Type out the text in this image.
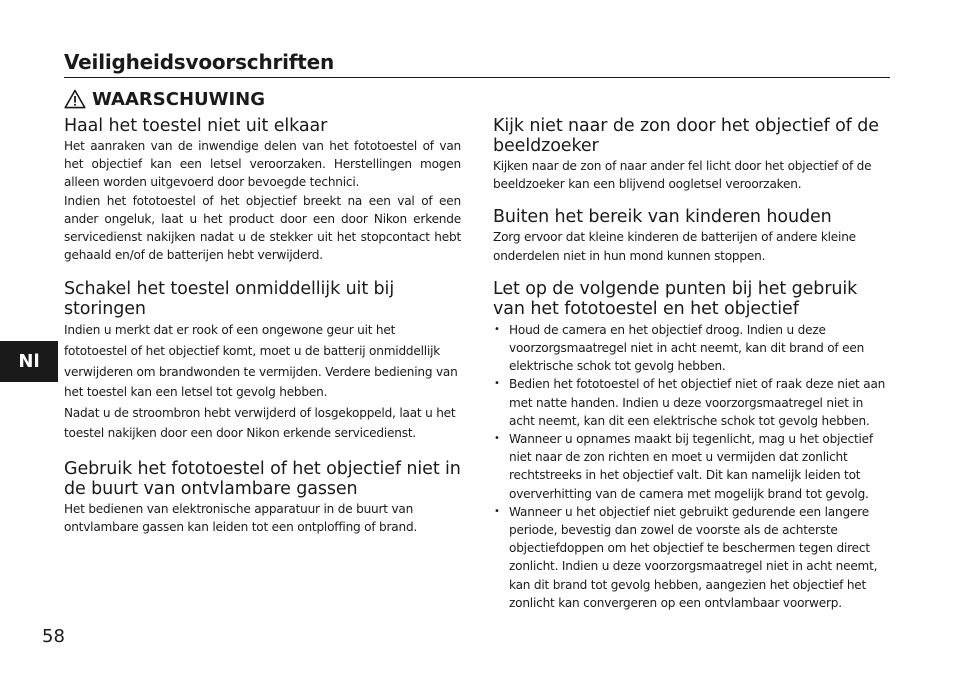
Veiligheidsvoorschriften
WAARSCHUWING
Haal het toestel niet uit elkaar

Het aanraken van de inwendige delen van het fototoestel of van het objectief kan een letsel veroorzaken. Herstellingen mogen alleen worden uitgevoerd door bevoegde technici.

Indien het fototoestel of het objectief breekt na een val of een ander ongeluk, laat u het product door een door Nikon erkende servicedienst nakijken nadat u de stekker uit het stopcontact hebt gehaald en/of de batterijen hebt verwijderd.

Schakel het toestel onmiddellijk uit bij storingen

Indien u merkt dat er rook of een ongewone geur uit het fototoestel of het objectief komt, moet u de batterij onmiddellijk verwijderen om brandwonden te vermijden. Verdere bediening van het toestel kan een letsel tot gevolg hebben.

Nadat u de stroombron hebt verwijderd of losgekoppeld, laat u het toestel nakijken door een door Nikon erkende servicedienst.

Gebruik het fototoestel of het objectief niet in de buurt van ontvlambare gassen

Het bedienen van elektronische apparatuur in de buurt van ontvlambare gassen kan leiden tot een ontploffing of brand.

Kijk niet naar de zon door het objectief of de beeldzoeker

Kijken naar de zon of naar ander fel licht door het objectief of de beeldzoeker kan een blijvend oogletsel veroorzaken.

Buiten het bereik van kinderen houden

Zorg ervoor dat kleine kinderen de batterijen of andere kleine onderdelen niet in hun mond kunnen stoppen.

Let op de volgende punten bij het gebruik van het fototoestel en het objectief
• Houd de camera en het objectief droog. Indien u deze voorzorgsmaatregel niet in acht neemt, kan dit brand of een elektrische schok tot gevolg hebben.
• Bedien het fototoestel of het objectief niet of raak deze niet aan met natte handen. Indien u deze voorzorgsmaatregel niet in acht neemt, kan dit een elektrische schok tot gevolg hebben.
• Wanneer u opnames maakt bij tegenlicht, mag u het objectief niet naar de zon richten en moet u vermijden dat zonlicht rechtstreeks in het objectief valt. Dit kan namelijk leiden tot oververhitting van de camera met mogelijk brand tot gevolg.
• Wanneer u het objectief niet gebruikt gedurende een langere periode, bevestig dan zowel de voorste als de achterste objectiefdoppen om het objectief te beschermen tegen direct zonlicht. Indien u deze voorzorgsmaatregel niet in acht neemt, kan dit brand tot gevolg hebben, aangezien het objectief het zonlicht kan convergeren op een ontvlambaar voorwerp.
Nl
58
